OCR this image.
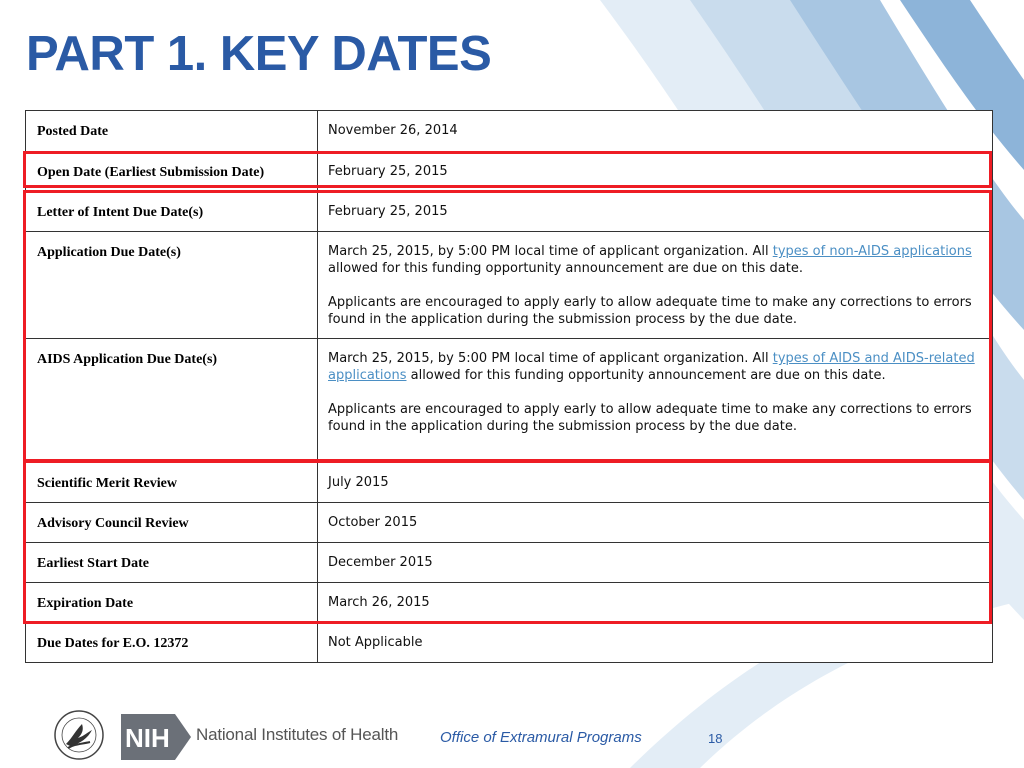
PART 1. KEY DATES
Posted Date	November 26, 2014

Open Date (Earliest Submission Date)	February 25, 2015

Letter of Intent Due Date(s)	February 25, 2015

Application Due Date(s)	March 25, 2015, by 5:00 PM local time of applicant organization. All types of non-AIDS applications allowed for this funding opportunity announcement are due on this date.
Applicants are encouraged to apply early to allow adequate time to make any corrections to errors found in the application during the submission process by the due date.

AIDS Application Due Date(s)	March 25, 2015, by 5:00 PM local time of applicant organization. All types of AIDS and AIDS-related applications allowed for this funding opportunity announcement are due on this date.
Applicants are encouraged to apply early to allow adequate time to make any corrections to errors found in the application during the submission process by the due date.

Scientific Merit Review	July 2015

Advisory Council Review	October 2015

Earliest Start Date	December 2015

Expiration Date	March 26, 2015

Due Dates for E.O. 12372	Not Applicable
NIH National Institutes of Health	Office of Extramural Programs	18
